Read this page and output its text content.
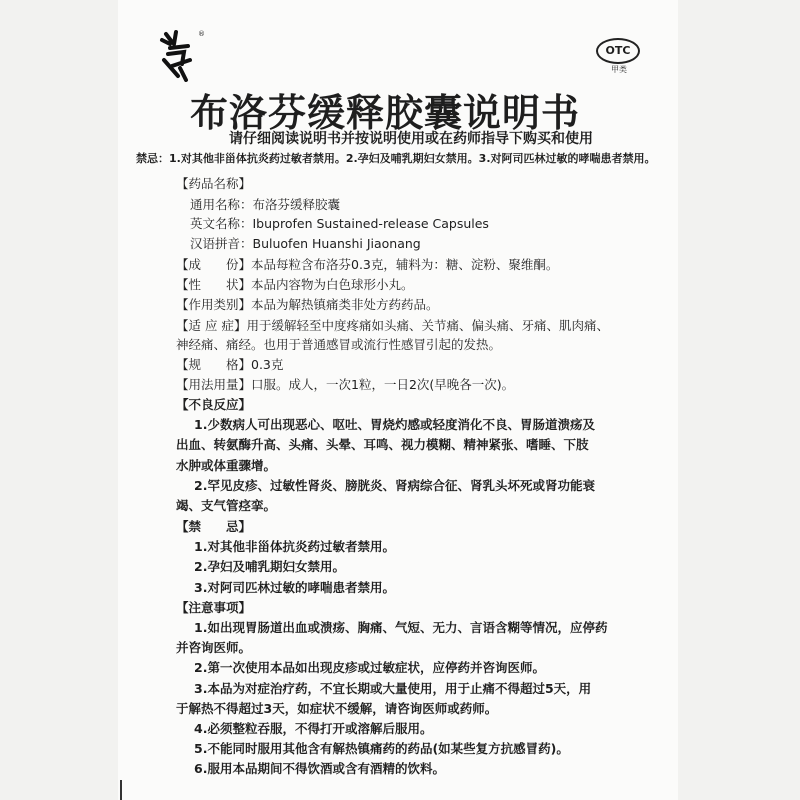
®
OTC
甲类
布洛芬缓释胶囊说明书
请仔细阅读说明书并按说明使用或在药师指导下购买和使用
禁忌：1.对其他非甾体抗炎药过敏者禁用。2.孕妇及哺乳期妇女禁用。3.对阿司匹林过敏的哮喘患者禁用。
【药品名称】
通用名称：布洛芬缓释胶囊
英文名称：Ibuprofen Sustained-release Capsules
汉语拼音：Buluofen Huanshi Jiaonang
【成　　份】本品每粒含布洛芬0.3克，辅料为：糖、淀粉、聚维酮。
【性　　状】本品内容物为白色球形小丸。
【作用类别】本品为解热镇痛类非处方药药品。
【适 应 症】用于缓解轻至中度疼痛如头痛、关节痛、偏头痛、牙痛、肌肉痛、
神经痛、痛经。也用于普通感冒或流行性感冒引起的发热。
【规　　格】0.3克
【用法用量】口服。成人，一次1粒，一日2次(早晚各一次)。
【不良反应】
1.少数病人可出现恶心、呕吐、胃烧灼感或轻度消化不良、胃肠道溃疡及
出血、转氨酶升高、头痛、头晕、耳鸣、视力模糊、精神紧张、嗜睡、下肢
水肿或体重骤增。
2.罕见皮疹、过敏性肾炎、膀胱炎、肾病综合征、肾乳头坏死或肾功能衰
竭、支气管痉挛。
【禁　　忌】
1.对其他非甾体抗炎药过敏者禁用。
2.孕妇及哺乳期妇女禁用。
3.对阿司匹林过敏的哮喘患者禁用。
【注意事项】
1.如出现胃肠道出血或溃疡、胸痛、气短、无力、言语含糊等情况，应停药
并咨询医师。
2.第一次使用本品如出现皮疹或过敏症状，应停药并咨询医师。
3.本品为对症治疗药，不宜长期或大量使用，用于止痛不得超过5天，用
于解热不得超过3天，如症状不缓解，请咨询医师或药师。
4.必须整粒吞服，不得打开或溶解后服用。
5.不能同时服用其他含有解热镇痛药的药品(如某些复方抗感冒药)。
6.服用本品期间不得饮酒或含有酒精的饮料。
